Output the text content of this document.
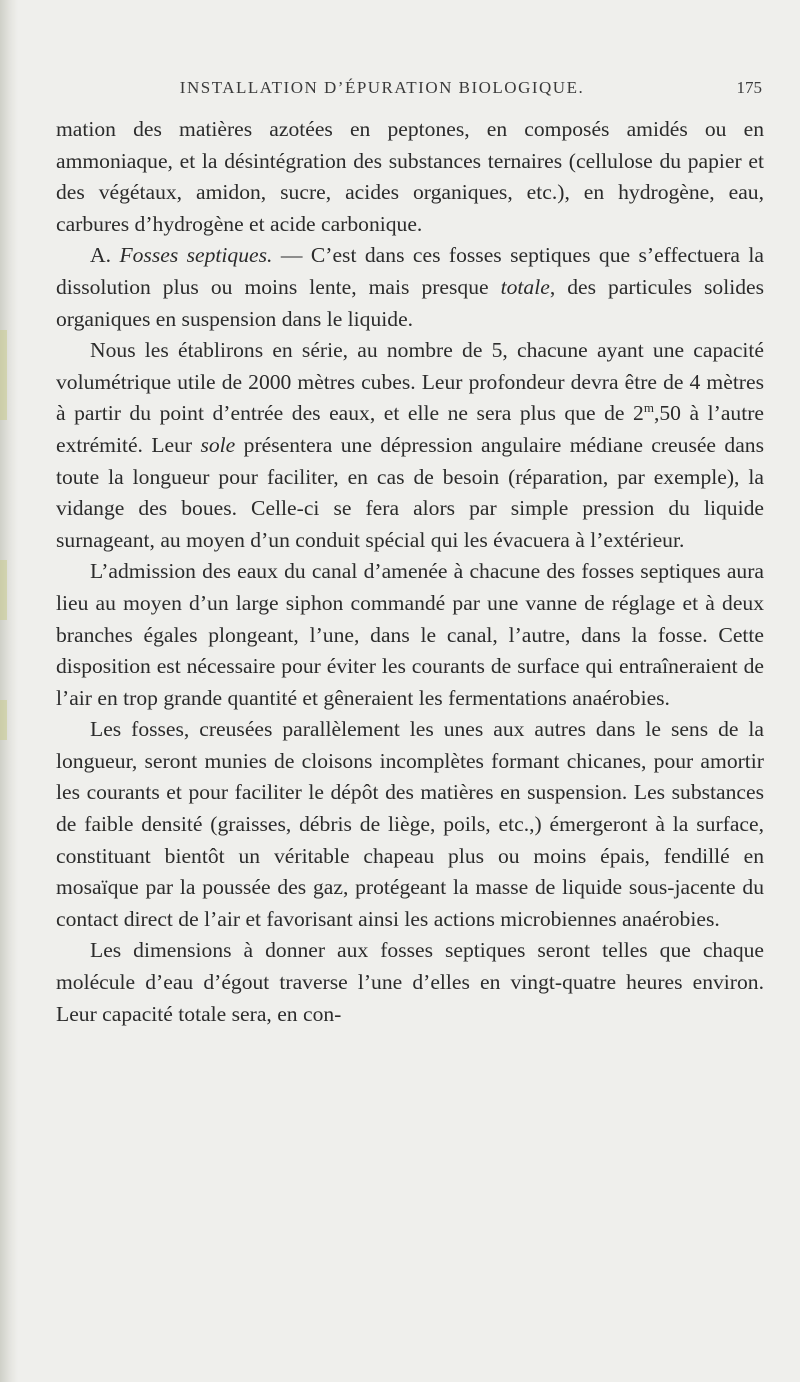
INSTALLATION D’ÉPURATION BIOLOGIQUE.	175

mation des matières azotées en peptones, en composés amidés ou en ammoniaque, et la désintégration des substances ternaires (cellulose du papier et des végétaux, amidon, sucre, acides organiques, etc.), en hydrogène, eau, carbures d’hydrogène et acide carbonique.

A. Fosses septiques. — C’est dans ces fosses septiques que s’effectuera la dissolution plus ou moins lente, mais presque totale, des particules solides organiques en suspension dans le liquide.

Nous les établirons en série, au nombre de 5, chacune ayant une capacité volumétrique utile de 2000 mètres cubes. Leur profondeur devra être de 4 mètres à partir du point d’entrée des eaux, et elle ne sera plus que de 2$^m$,50 à l’autre extrémité. Leur sole présentera une dépression angulaire médiane creusée dans toute la longueur pour faciliter, en cas de besoin (réparation, par exemple), la vidange des boues. Celle-ci se fera alors par simple pression du liquide surnageant, au moyen d’un conduit spécial qui les évacuera à l’extérieur.

L’admission des eaux du canal d’amenée à chacune des fosses septiques aura lieu au moyen d’un large siphon commandé par une vanne de réglage et à deux branches égales plongeant, l’une, dans le canal, l’autre, dans la fosse. Cette disposition est nécessaire pour éviter les courants de surface qui entraîneraient de l’air en trop grande quantité et gêneraient les fermentations anaérobies.

Les fosses, creusées parallèlement les unes aux autres dans le sens de la longueur, seront munies de cloisons incomplètes formant chicanes, pour amortir les courants et pour faciliter le dépôt des matières en suspension. Les substances de faible densité (graisses, débris de liège, poils, etc.,) émergeront à la surface, constituant bientôt un véritable chapeau plus ou moins épais, fendillé en mosaïque par la poussée des gaz, protégeant la masse de liquide sous-jacente du contact direct de l’air et favorisant ainsi les actions microbiennes anaérobies.

Les dimensions à donner aux fosses septiques seront telles que chaque molécule d’eau d’égout traverse l’une d’elles en vingt-quatre heures environ. Leur capacité totale sera, en con-
